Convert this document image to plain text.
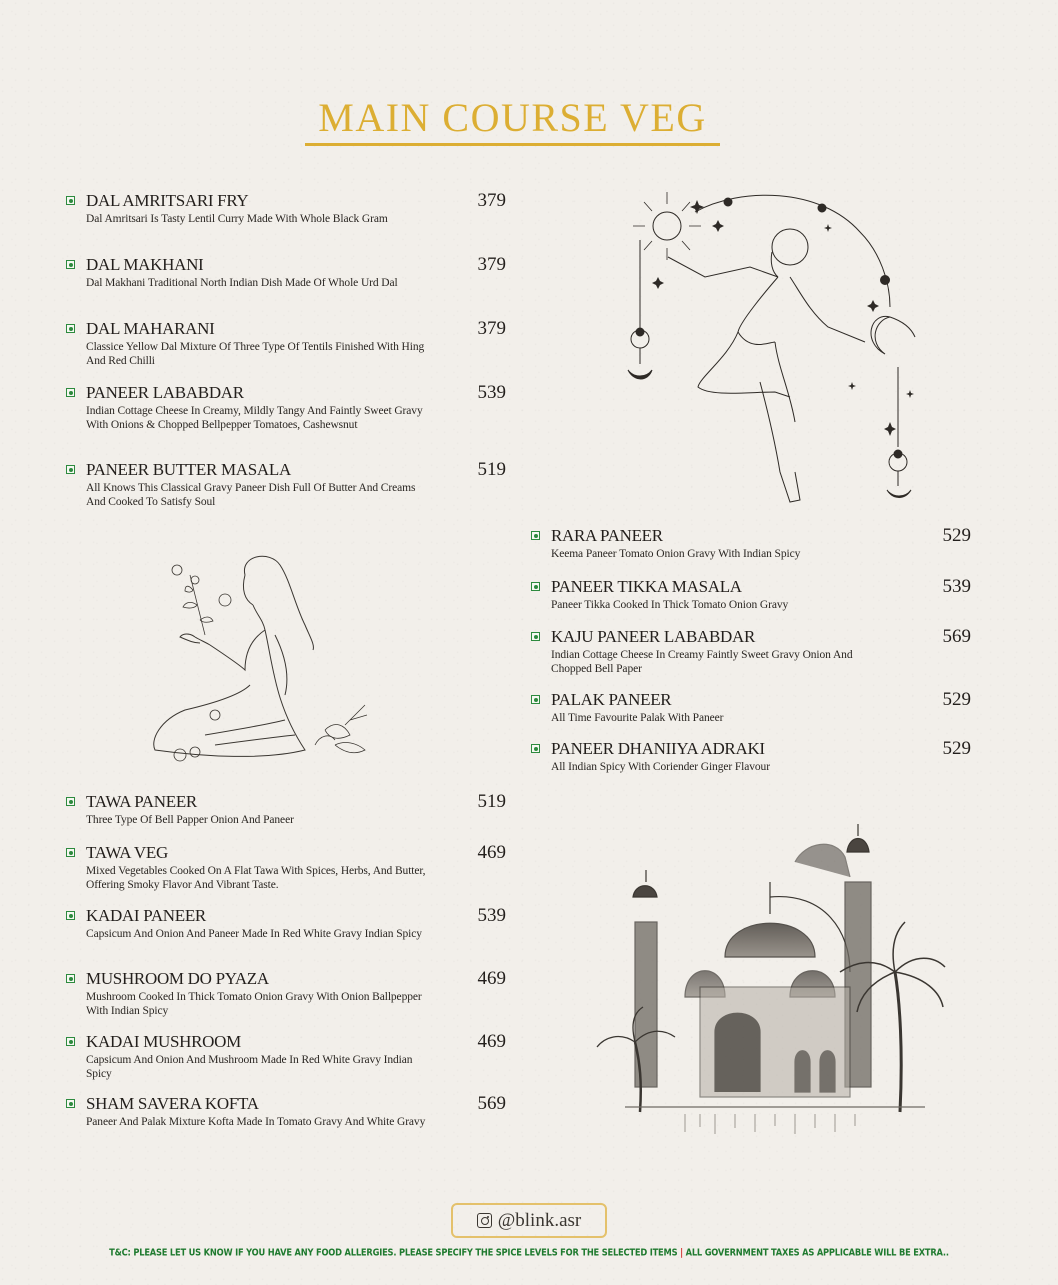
MAIN COURSE VEG
DAL AMRITSARI FRY	379
Dal Amritsari Is Tasty Lentil Curry Made With Whole Black Gram
DAL MAKHANI	379
Dal Makhani Traditional North Indian Dish Made Of Whole Urd Dal
DAL MAHARANI	379
Classice Yellow Dal Mixture Of Three Type Of Tentils Finished With Hing And Red Chilli
PANEER LABABDAR	539
Indian Cottage Cheese In Creamy, Mildly Tangy And Faintly Sweet Gravy With Onions & Chopped Bellpepper Tomatoes, Cashewsnut
PANEER BUTTER MASALA	519
All Knows This Classical Gravy Paneer Dish Full Of Butter And Creams And Cooked To Satisfy Soul
TAWA PANEER	519
Three Type Of Bell Papper Onion And Paneer
TAWA VEG	469
Mixed Vegetables Cooked On A Flat Tawa With Spices, Herbs, And Butter, Offering Smoky Flavor And Vibrant Taste.
KADAI PANEER	539
Capsicum And Onion And Paneer Made In Red White Gravy Indian Spicy
MUSHROOM DO PYAZA	469
Mushroom Cooked In Thick Tomato Onion Gravy With Onion Ballpepper With Indian Spicy
KADAI MUSHROOM	469
Capsicum And Onion And Mushroom Made In Red White Gravy Indian Spicy
SHAM SAVERA KOFTA	569
Paneer And Palak Mixture Kofta Made In Tomato Gravy And White Gravy
RARA PANEER	529
Keema Paneer Tomato Onion Gravy With Indian Spicy
PANEER TIKKA MASALA	539
Paneer Tikka Cooked In Thick Tomato Onion Gravy
KAJU PANEER LABABDAR	569
Indian Cottage Cheese In Creamy Faintly Sweet Gravy Onion And Chopped Bell Paper
PALAK PANEER	529
All Time Favourite Palak With Paneer
PANEER DHANIIYA ADRAKI	529
All Indian Spicy With Coriender Ginger Flavour
@blink.asr
T&C: PLEASE LET US KNOW IF YOU HAVE ANY FOOD ALLERGIES. PLEASE SPECIFY THE SPICE LEVELS FOR THE SELECTED ITEMS | ALL GOVERNMENT TAXES AS APPLICABLE WILL BE EXTRA..
